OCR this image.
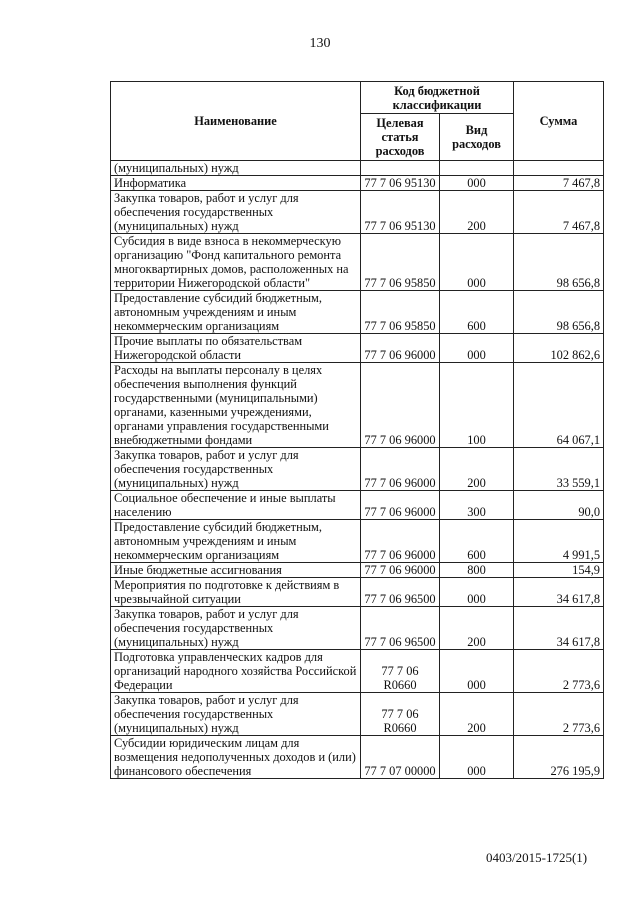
130
Наименование	Код бюджетной классификации		Сумма
	Целевая статья расходов	Вид расходов	
(муниципальных) нужд			
Информатика	77 7 06 95130	000	7 467,8
Закупка товаров, работ и услуг для обеспечения государственных (муниципальных) нужд	77 7 06 95130	200	7 467,8
Субсидия в виде взноса в некоммерческую организацию "Фонд капитального ремонта многоквартирных домов, расположенных на территории Нижегородской области"	77 7 06 95850	000	98 656,8
Предоставление субсидий бюджетным, автономным учреждениям и иным некоммерческим организациям	77 7 06 95850	600	98 656,8
Прочие выплаты по обязательствам Нижегородской области	77 7 06 96000	000	102 862,6
Расходы на выплаты персоналу в целях обеспечения выполнения функций государственными (муниципальными) органами, казенными учреждениями, органами управления государственными внебюджетными фондами	77 7 06 96000	100	64 067,1
Закупка товаров, работ и услуг для обеспечения государственных (муниципальных) нужд	77 7 06 96000	200	33 559,1
Социальное обеспечение и иные выплаты населению	77 7 06 96000	300	90,0
Предоставление субсидий бюджетным, автономным учреждениям и иным некоммерческим организациям	77 7 06 96000	600	4 991,5
Иные бюджетные ассигнования	77 7 06 96000	800	154,9
Мероприятия по подготовке к действиям в чрезвычайной ситуации	77 7 06 96500	000	34 617,8
Закупка товаров, работ и услуг для обеспечения государственных (муниципальных) нужд	77 7 06 96500	200	34 617,8
Подготовка управленческих кадров для организаций народного хозяйства Российской Федерации	77 7 06 R0660	000	2 773,6
Закупка товаров, работ и услуг для обеспечения государственных (муниципальных) нужд	77 7 06 R0660	200	2 773,6
Субсидии юридическим лицам для возмещения недополученных доходов и (или) финансового обеспечения	77 7 07 00000	000	276 195,9
0403/2015-1725(1)
